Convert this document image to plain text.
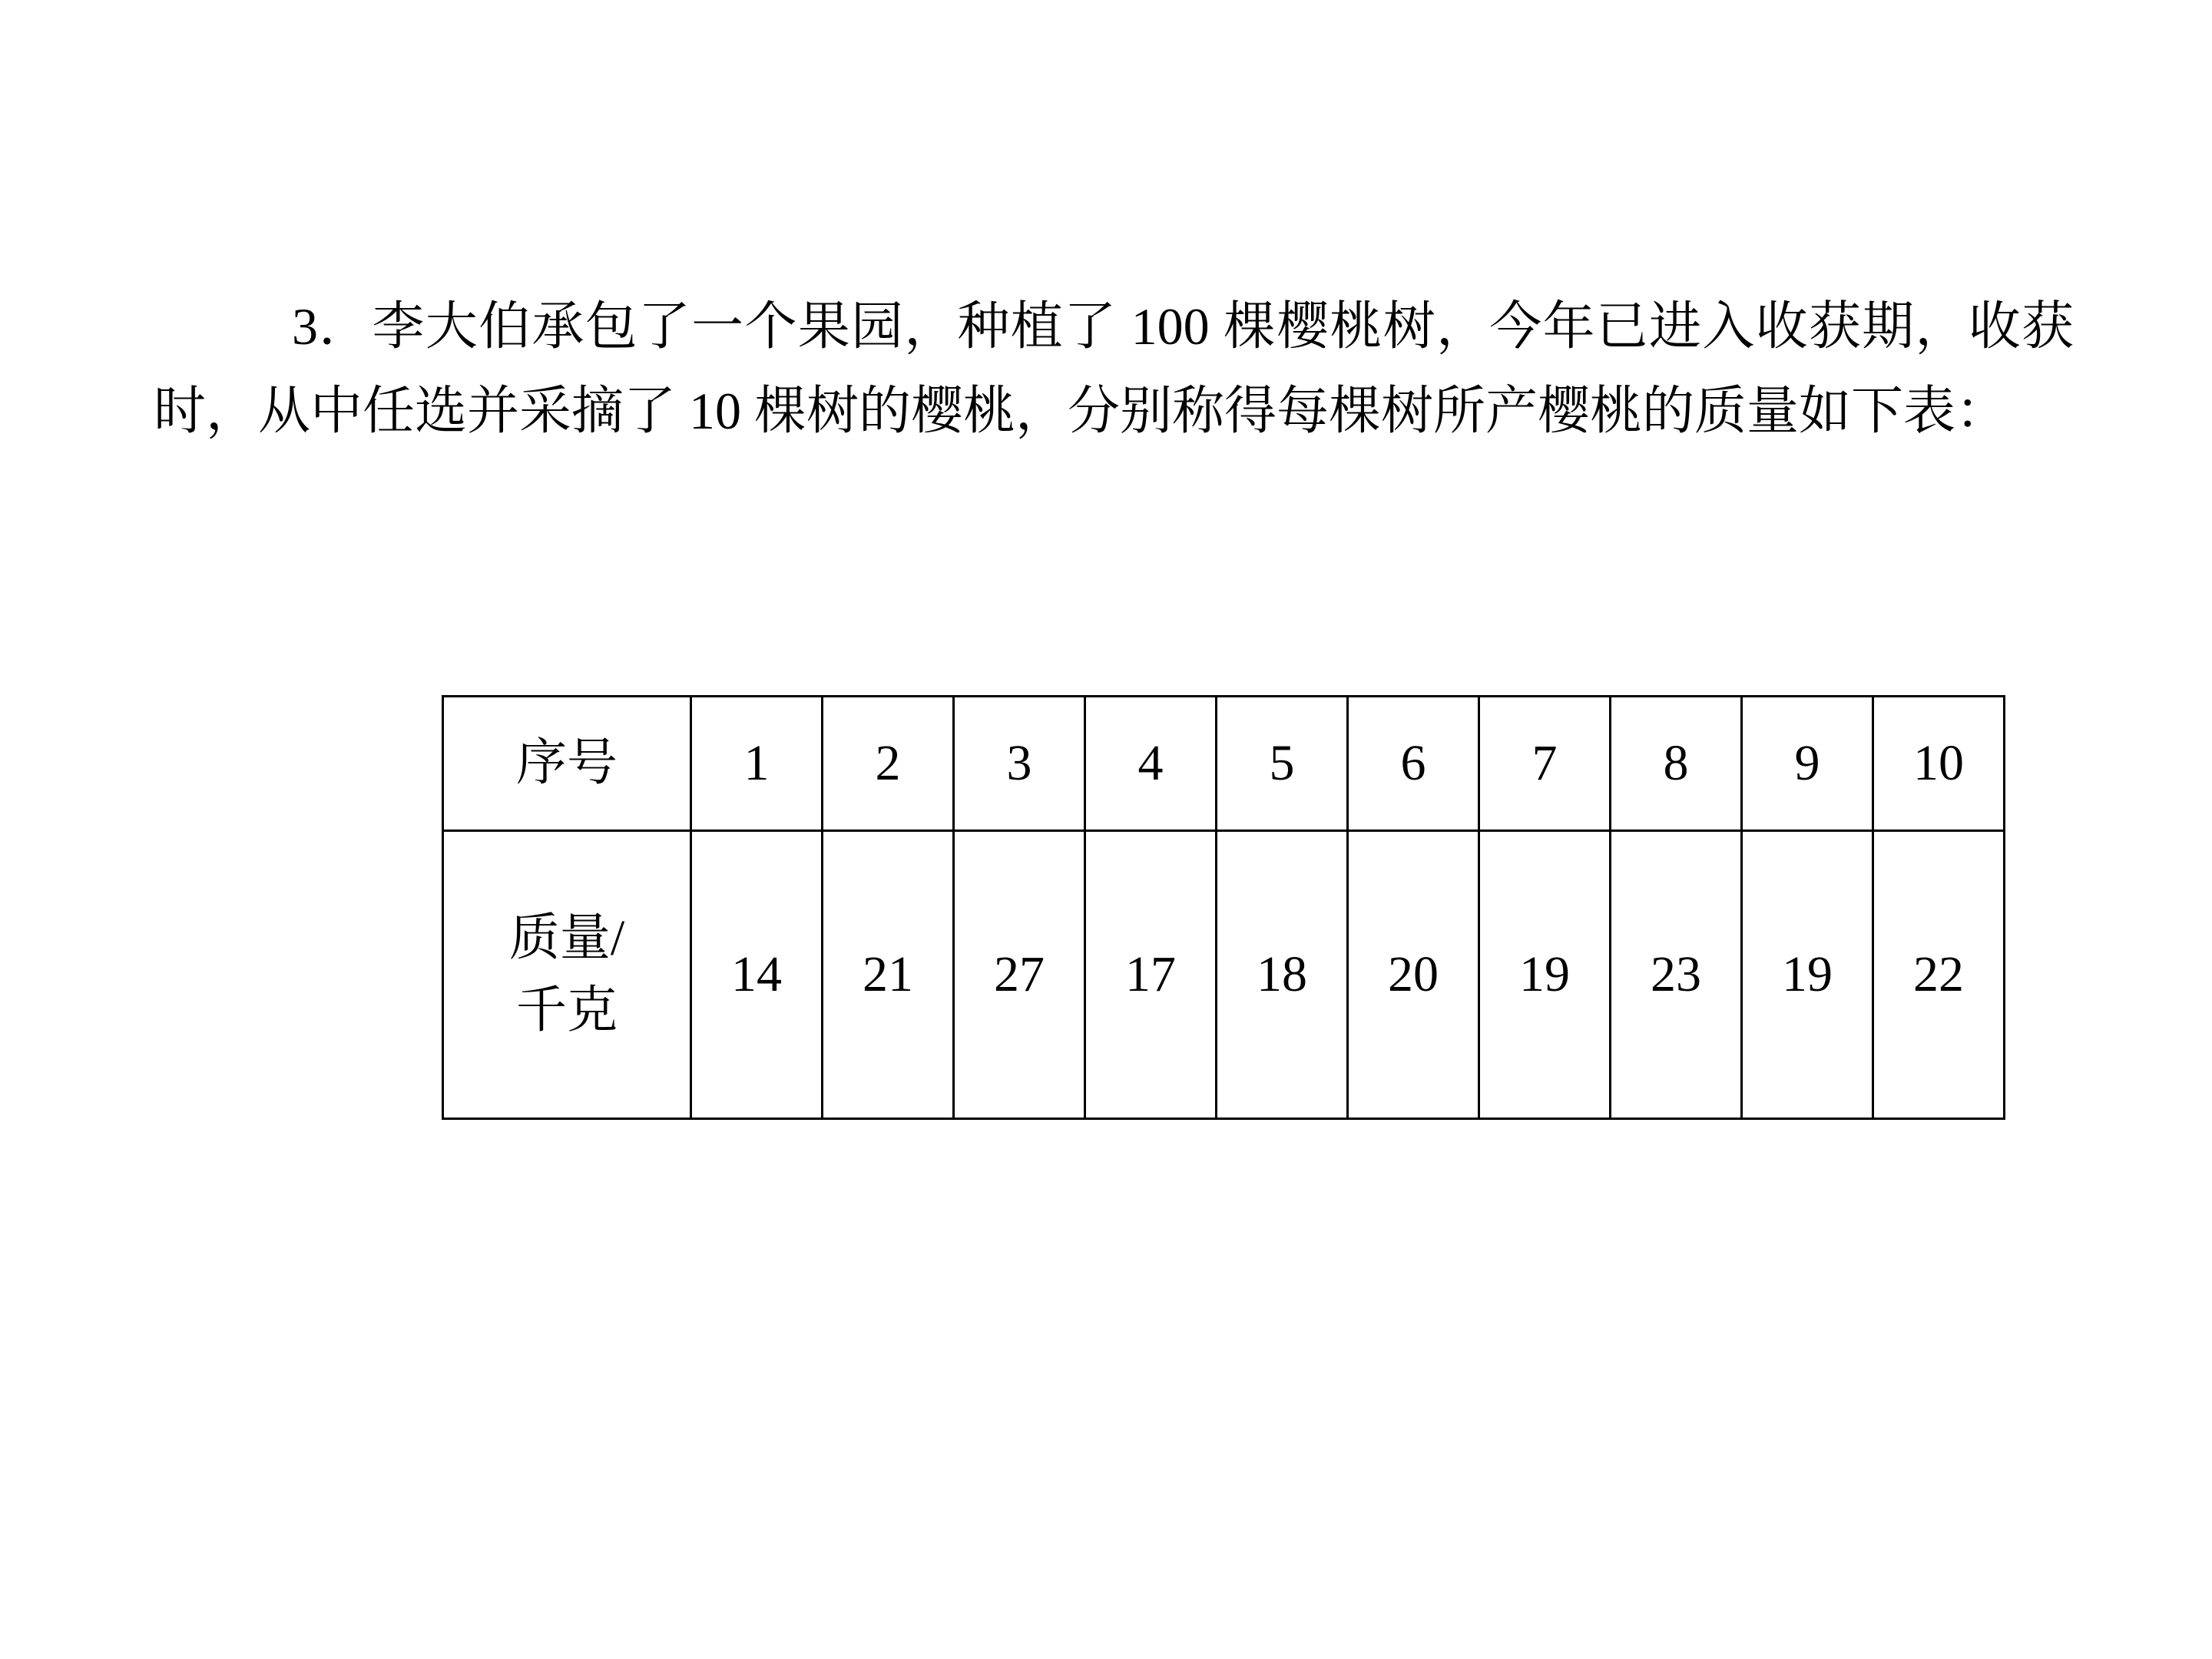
3．李大伯承包了一个果园，种植了 100 棵樱桃树，今年已进入收获期，收获时，从中任选并采摘了 10 棵树的樱桃，分别称得每棵树所产樱桃的质量如下表：
序号	1	2	3	4	5	6	7	8	9	10

质量/
千克	14	21	27	17	18	20	19	23	19	22
